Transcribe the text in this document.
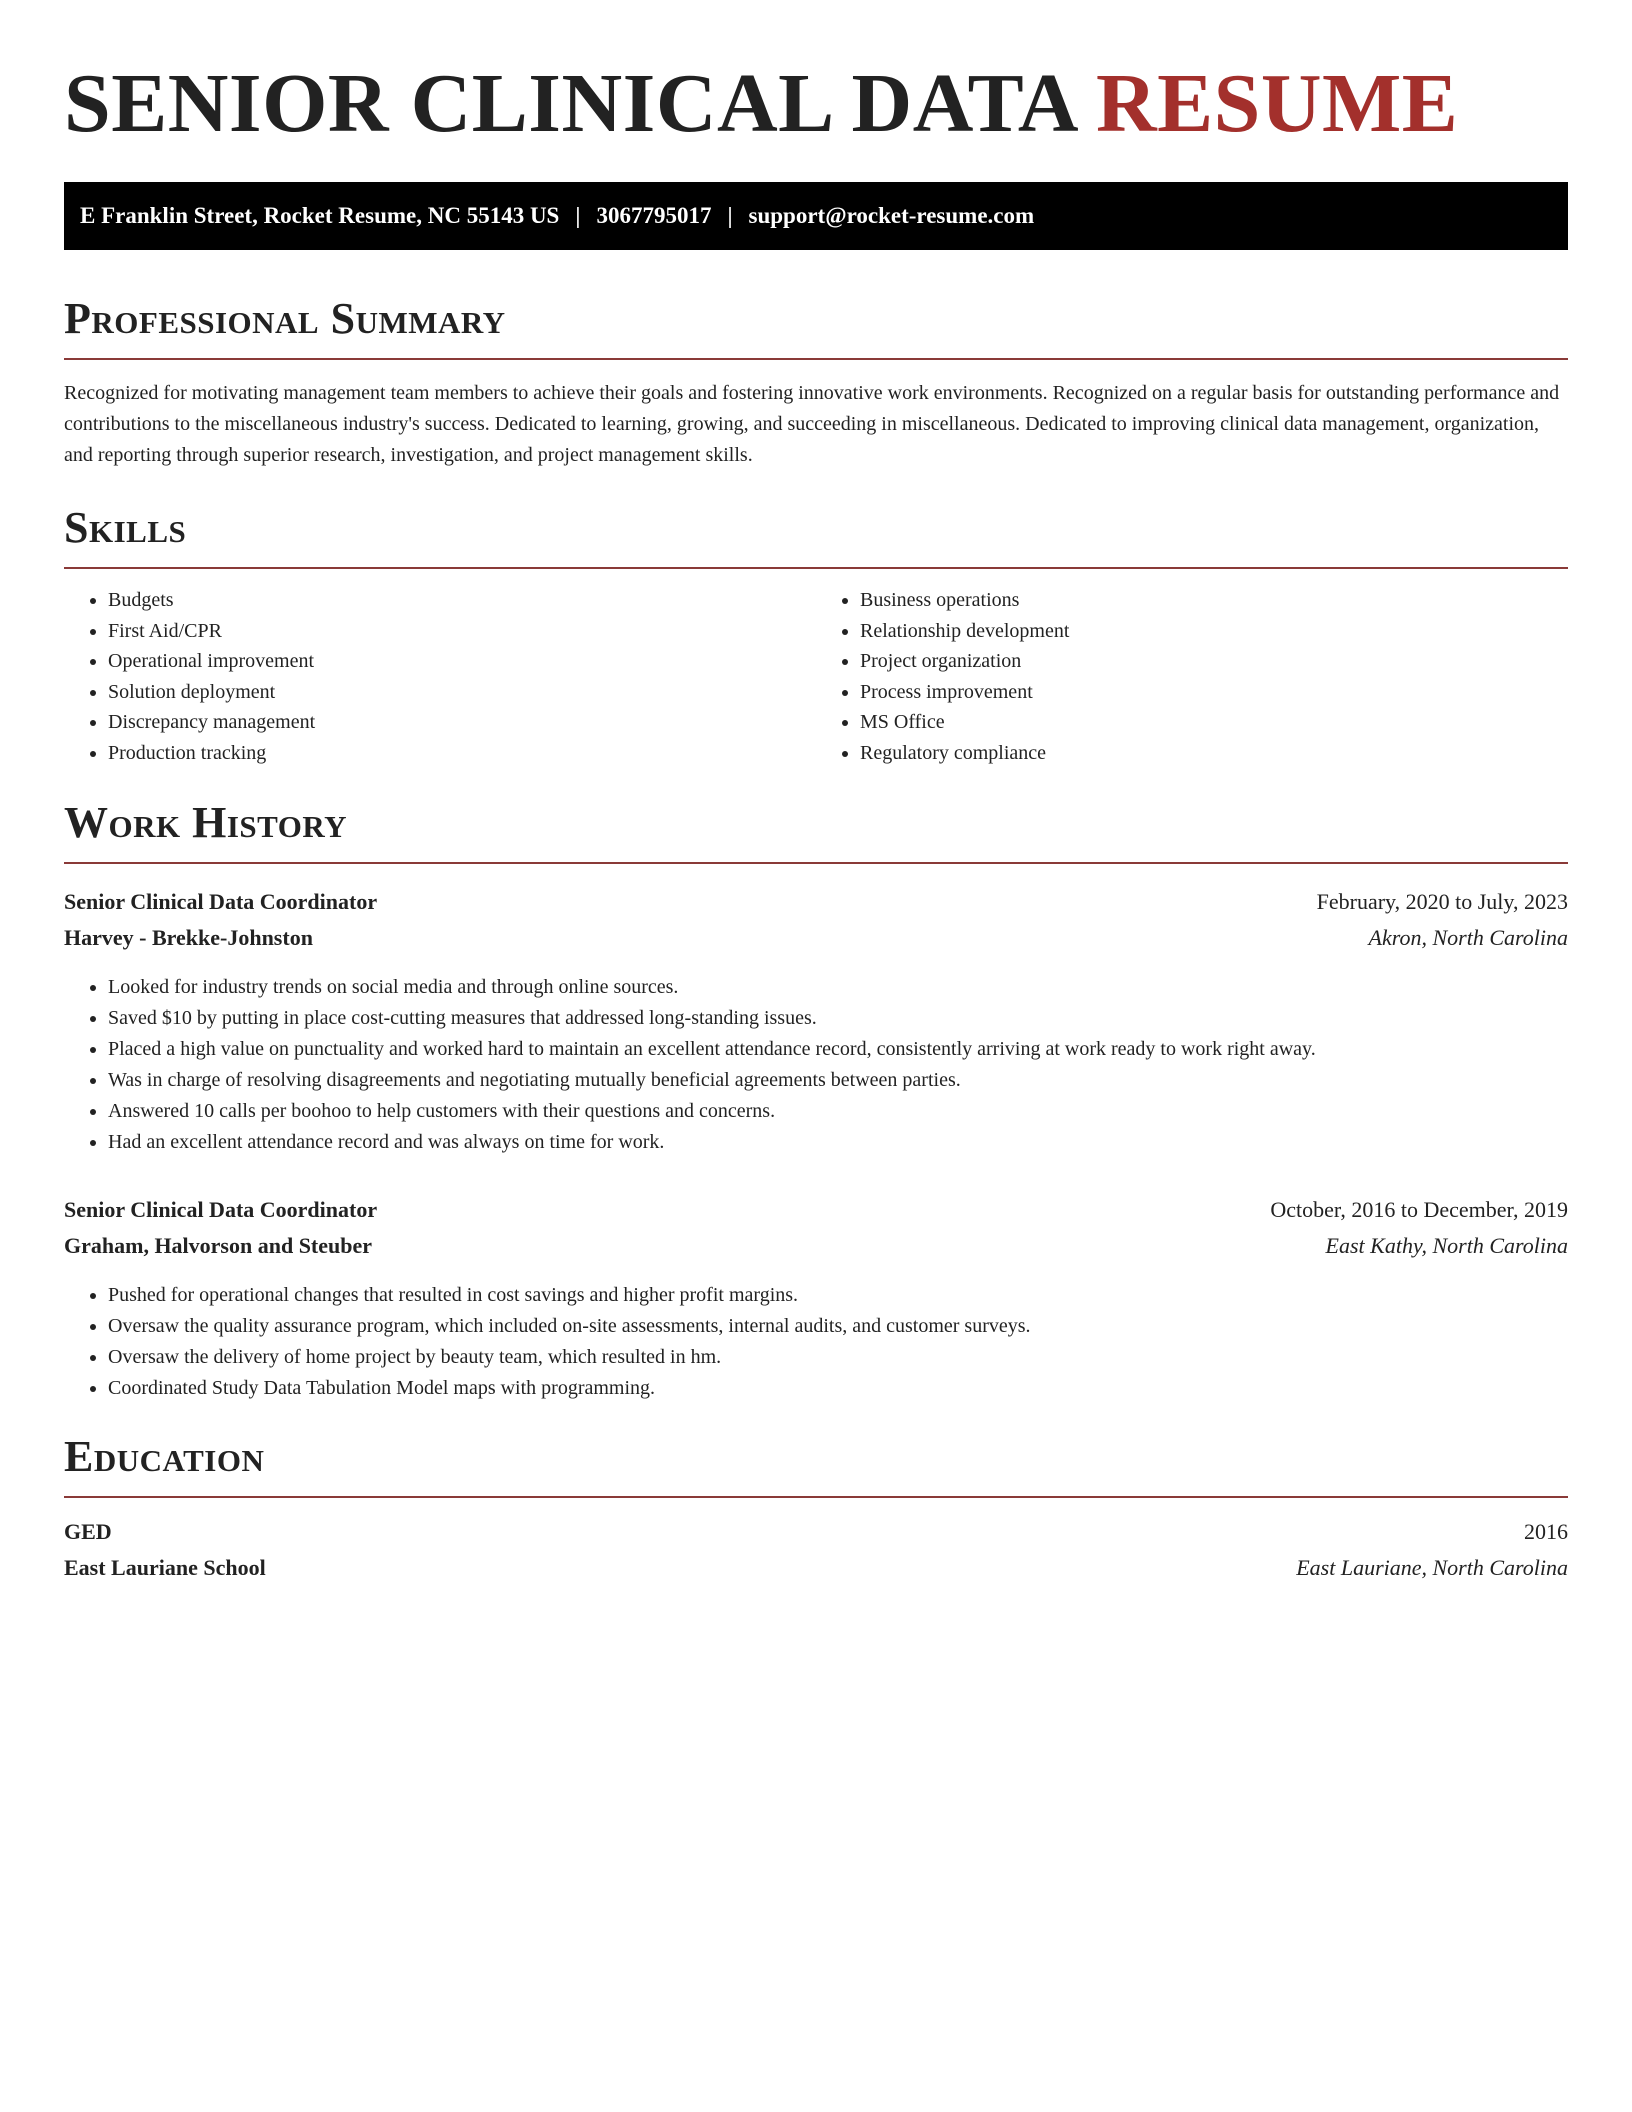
SENIOR CLINICAL DATA RESUME
E Franklin Street, Rocket Resume, NC 55143 US | 3067795017 | support@rocket-resume.com
Professional Summary

Recognized for motivating management team members to achieve their goals and fostering innovative work environments. Recognized on a regular basis for outstanding performance and contributions to the miscellaneous industry's success. Dedicated to learning, growing, and succeeding in miscellaneous. Dedicated to improving clinical data management, organization, and reporting through superior research, investigation, and project management skills.

Skills
• Budgets
• First Aid/CPR
• Operational improvement
• Solution deployment
• Discrepancy management
• Production tracking
• Business operations
• Relationship development
• Project organization
• Process improvement
• MS Office
• Regulatory compliance
Work History
Senior Clinical Data Coordinator	February, 2020 to July, 2023
Harvey - Brekke-Johnston	Akron, North Carolina
• Looked for industry trends on social media and through online sources.
• Saved $10 by putting in place cost-cutting measures that addressed long-standing issues.
• Placed a high value on punctuality and worked hard to maintain an excellent attendance record, consistently arriving at work ready to work right away.
• Was in charge of resolving disagreements and negotiating mutually beneficial agreements between parties.
• Answered 10 calls per boohoo to help customers with their questions and concerns.
• Had an excellent attendance record and was always on time for work.
Senior Clinical Data Coordinator	October, 2016 to December, 2019
Graham, Halvorson and Steuber	East Kathy, North Carolina
• Pushed for operational changes that resulted in cost savings and higher profit margins.
• Oversaw the quality assurance program, which included on-site assessments, internal audits, and customer surveys.
• Oversaw the delivery of home project by beauty team, which resulted in hm.
• Coordinated Study Data Tabulation Model maps with programming.
Education
GED	2016
East Lauriane School	East Lauriane, North Carolina
